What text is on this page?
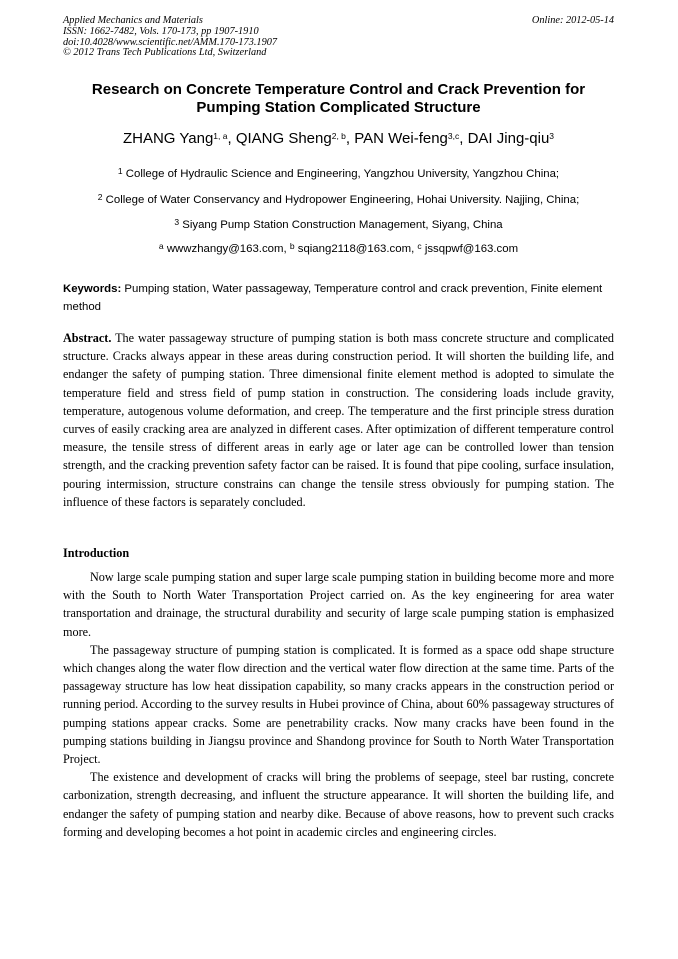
Applied Mechanics and Materials
ISSN: 1662-7482, Vols. 170-173, pp 1907-1910
doi:10.4028/www.scientific.net/AMM.170-173.1907
© 2012 Trans Tech Publications Ltd, Switzerland
Online: 2012-05-14
Research on Concrete Temperature Control and Crack Prevention for Pumping Station Complicated Structure
ZHANG Yang$^{1, a}$, QIANG Sheng$^{2, b}$, PAN Wei-feng$^{3,c}$, DAI Jing-qiu$^3$
$^1$ College of Hydraulic Science and Engineering, Yangzhou University, Yangzhou China;
$^2$ College of Water Conservancy and Hydropower Engineering, Hohai University. Najjing, China;
$^3$ Siyang Pump Station Construction Management, Siyang, China
$^a$ wwwzhangy@163.com, $^b$ sqiang2118@163.com, $^c$ jssqpwf@163.com
Keywords: Pumping station, Water passageway, Temperature control and crack prevention, Finite element method

Abstract. The water passageway structure of pumping station is both mass concrete structure and complicated structure. Cracks always appear in these areas during construction period. It will shorten the building life, and endanger the safety of pumping station. Three dimensional finite element method is adopted to simulate the temperature field and stress field of pump station in construction. The considering loads include gravity, temperature, autogenous volume deformation, and creep. The temperature and the first principle stress duration curves of easily cracking area are analyzed in different cases. After optimization of different temperature control measure, the tensile stress of different areas in early age or later age can be controlled lower than tension strength, and the cracking prevention safety factor can be raised. It is found that pipe cooling, surface insulation, pouring intermission, structure constrains can change the tensile stress obviously for pumping station. The influence of these factors is separately concluded.

Introduction

Now large scale pumping station and super large scale pumping station in building become more and more with the South to North Water Transportation Project carried on. As the key engineering for area water transportation and drainage, the structural durability and security of large scale pumping station is emphasized more.

The passageway structure of pumping station is complicated. It is formed as a space odd shape structure which changes along the water flow direction and the vertical water flow direction at the same time. Parts of the passageway structure has low heat dissipation capability, so many cracks appears in the construction period or running period. According to the survey results in Hubei province of China, about 60% passageway structures of pumping stations appear cracks. Some are penetrability cracks. Now many cracks have been found in the pumping stations building in Jiangsu province and Shandong province for South to North Water Transportation Project.

The existence and development of cracks will bring the problems of seepage, steel bar rusting, concrete carbonization, strength decreasing, and influent the structure appearance. It will shorten the building life, and endanger the safety of pumping station and nearby dike. Because of above reasons, how to prevent such cracks forming and developing becomes a hot point in academic circles and engineering circles.
